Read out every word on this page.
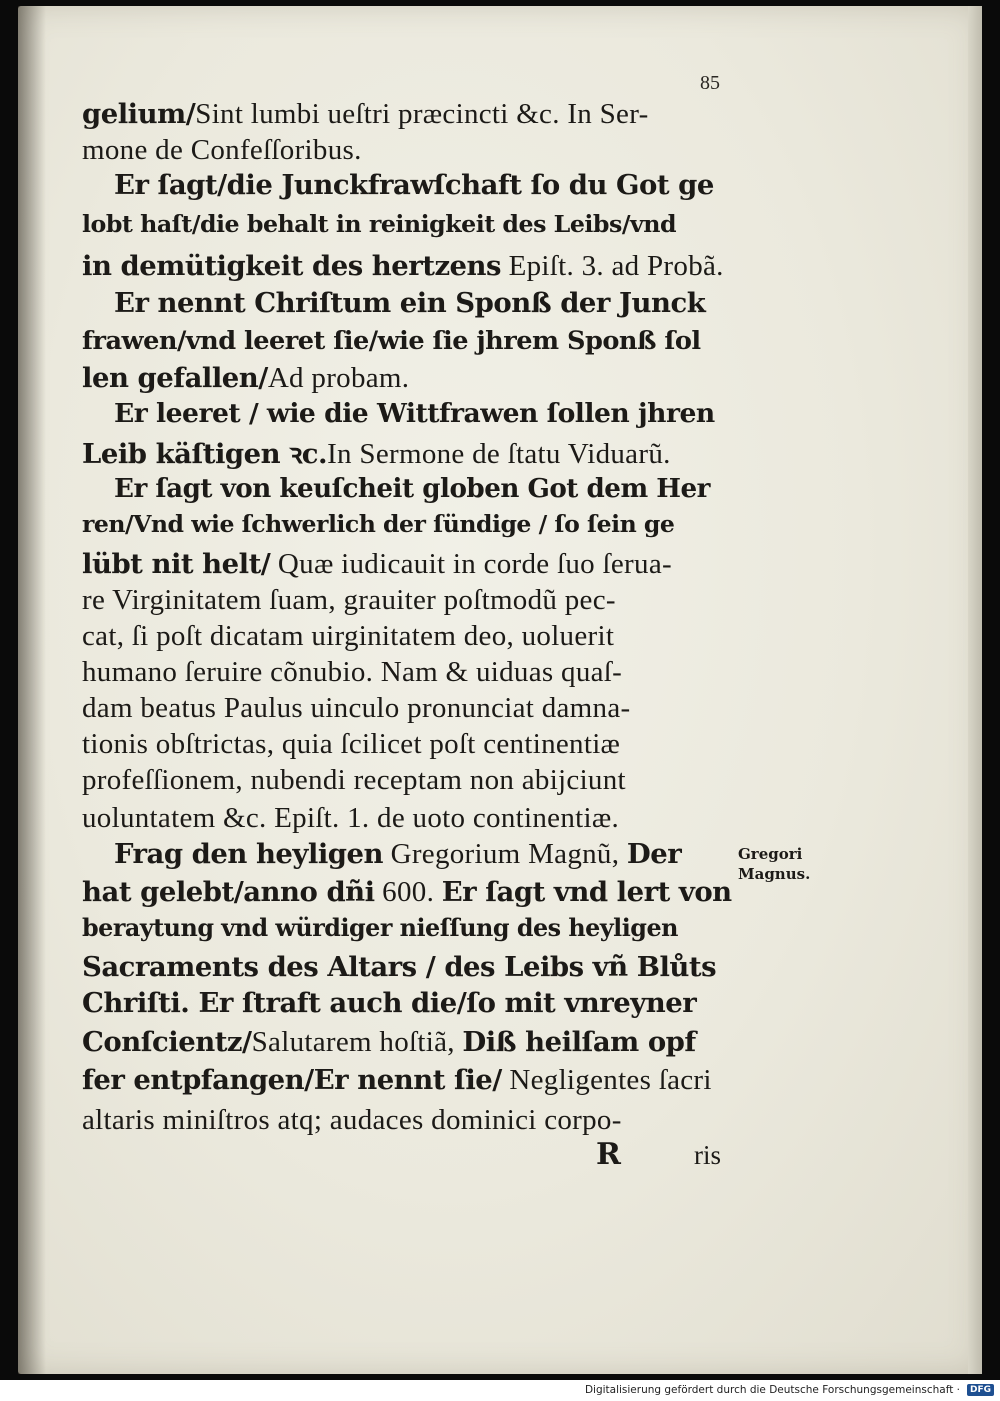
85
gelium/Sint lumbi ueſtri præcincti &c. In Ser-
mone de Confeſſoribus.
Er ſagt/die Junckfrawſchaft ſo du Got ge
lobt haſt/die behalt in reinigkeit des Leibs/vnd
in demütigkeit des hertzens Epiſt. 3. ad Probã.
Er nennt Chriſtum ein Sponß der Junck
frawen/vnd leeret ſie/wie ſie jhrem Sponß ſol
len gefallen/Ad probam.
Er leeret / wie die Wittfrawen ſollen jhren
Leib käſtigen ꝛc.In Sermone de ſtatu Viduarũ.
Er ſagt von keuſcheit globen Got dem Her
ren/Vnd wie ſchwerlich der ſündige / ſo ſein ge
lübt nit helt/ Quæ iudicauit in corde ſuo ſerua-
re Virginitatem ſuam, grauiter poſtmodũ pec-
cat, ſi poſt dicatam uirginitatem deo, uoluerit
humano ſeruire cõnubio. Nam & uiduas quaſ-
dam beatus Paulus uinculo pronunciat damna-
tionis obſtrictas, quia ſcilicet poſt centinentiæ
profeſſionem, nubendi receptam non abijciunt
uoluntatem &c. Epiſt. 1. de uoto continentiæ.
Frag den heyligen Gregorium Magnũ, Der
hat gelebt/anno dñi 600. Er ſagt vnd lert von
beraytung vnd würdiger nieſſung des heyligen
Sacraments des Altars / des Leibs vñ Blůts
Chriſti. Er ſtraft auch die/ſo mit vnreyner
Conſcientz/Salutarem hoſtiã, Diß heilſam opf
fer entpfangen/Er nennt ſie/ Negligentes ſacri
altaris miniſtros atq; audaces dominici corpo-
Gregori
Magnus.
R	ris
Digitalisierung gefördert durch die Deutsche Forschungsgemeinschaft ·	DFG
